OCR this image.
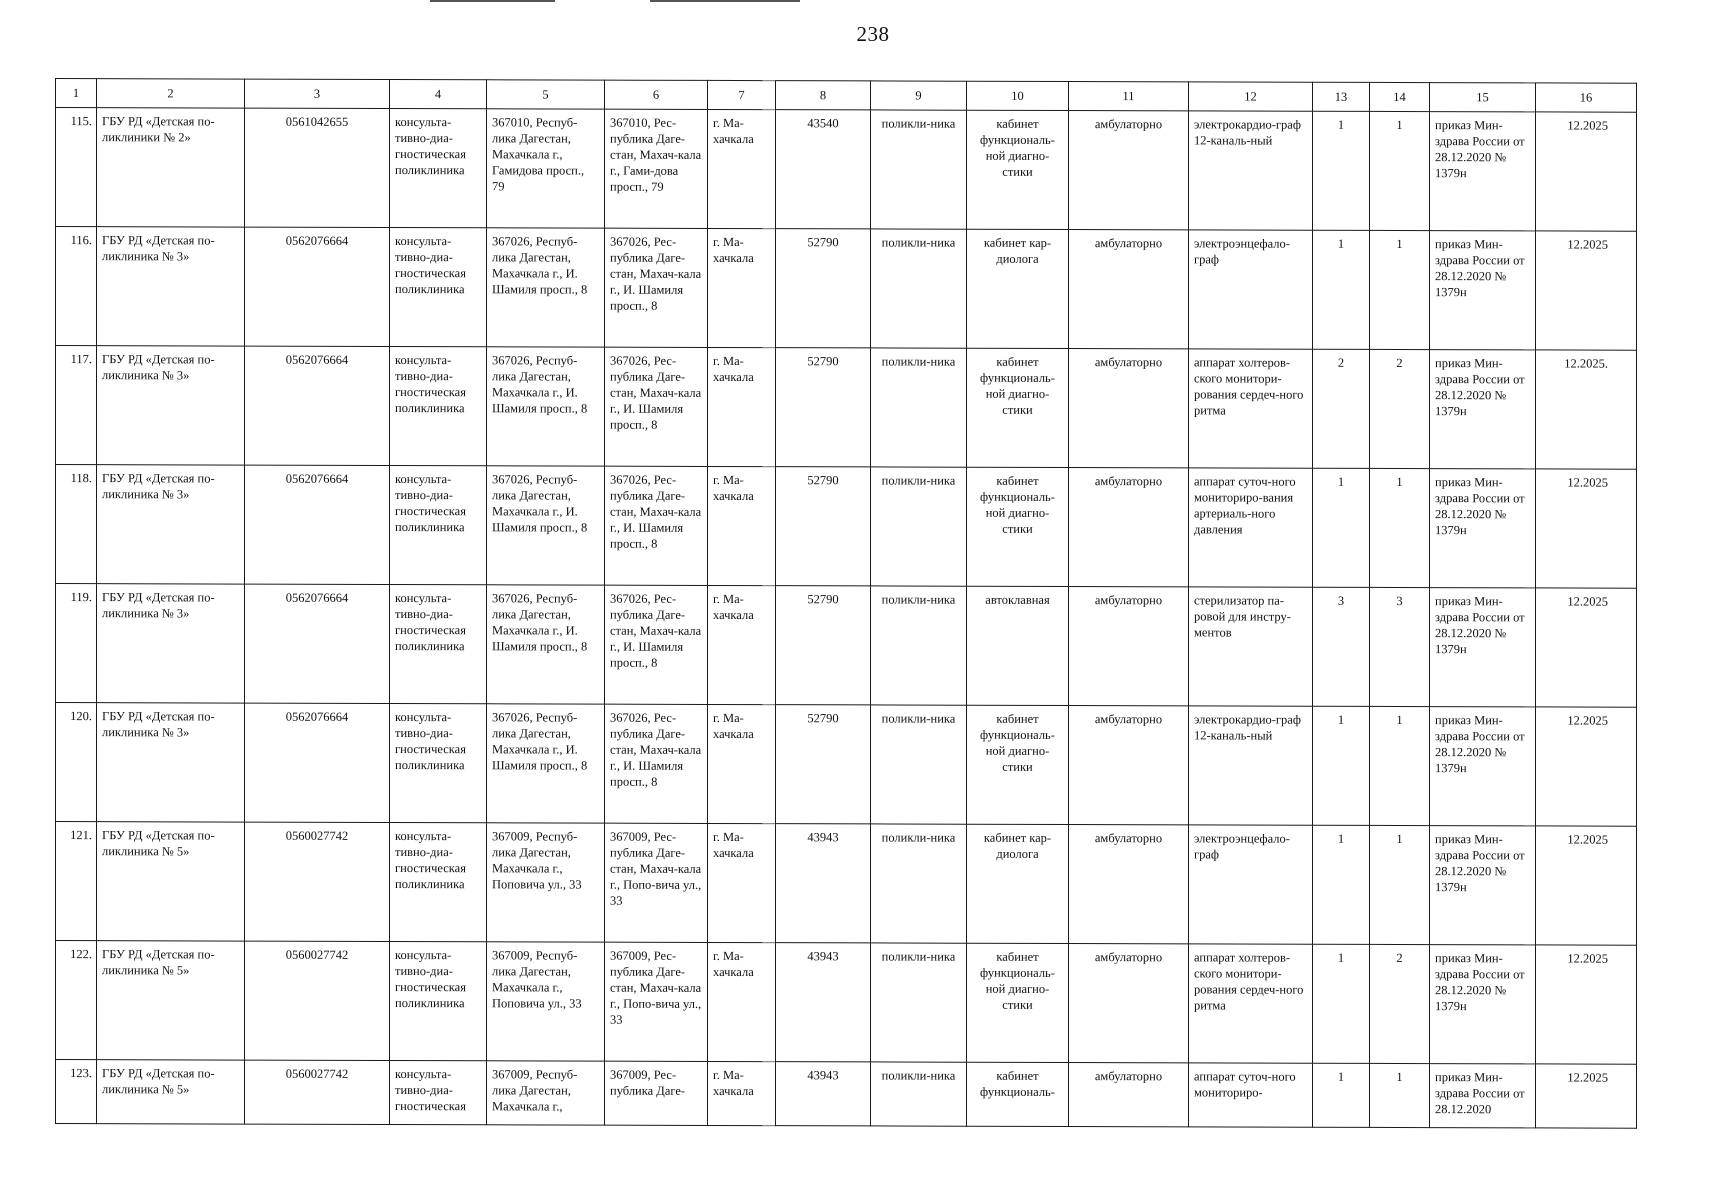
238
1	2	3	4	5	6	7	8	9	10	11	12	13	14	15	16
115.	ГБУ РД «Детская по-ликлиники № 2»	0561042655	консульта-тивно-диа-гностическая поликлиника	367010, Респуб-лика Дагестан, Махачкала г., Гамидова просп., 79	367010, Рес-публика Даге-стан, Махач-кала г., Гами-дова просп., 79	г. Ма-хачкала	43540	поликли-ника	кабинет функциональ-ной диагно-стики	амбулаторно	электрокардио-граф 12-каналь-ный	1	1	приказ Мин-здрава России от 28.12.2020 № 1379н	12.2025
116.	ГБУ РД «Детская по-ликлиника № 3»	0562076664	консульта-тивно-диа-гностическая поликлиника	367026, Респуб-лика Дагестан, Махачкала г., И. Шамиля просп., 8	367026, Рес-публика Даге-стан, Махач-кала г., И. Шамиля просп., 8	г. Ма-хачкала	52790	поликли-ника	кабинет кар-диолога	амбулаторно	электроэнцефало-граф	1	1	приказ Мин-здрава России от 28.12.2020 № 1379н	12.2025
117.	ГБУ РД «Детская по-ликлиника № 3»	0562076664	консульта-тивно-диа-гностическая поликлиника	367026, Респуб-лика Дагестан, Махачкала г., И. Шамиля просп., 8	367026, Рес-публика Даге-стан, Махач-кала г., И. Шамиля просп., 8	г. Ма-хачкала	52790	поликли-ника	кабинет функциональ-ной диагно-стики	амбулаторно	аппарат холтеров-ского монитори-рования сердеч-ного ритма	2	2	приказ Мин-здрава России от 28.12.2020 № 1379н	12.2025.
118.	ГБУ РД «Детская по-ликлиника № 3»	0562076664	консульта-тивно-диа-гностическая поликлиника	367026, Респуб-лика Дагестан, Махачкала г., И. Шамиля просп., 8	367026, Рес-публика Даге-стан, Махач-кала г., И. Шамиля просп., 8	г. Ма-хачкала	52790	поликли-ника	кабинет функциональ-ной диагно-стики	амбулаторно	аппарат суточ-ного мониториро-вания артериаль-ного давления	1	1	приказ Мин-здрава России от 28.12.2020 № 1379н	12.2025
119.	ГБУ РД «Детская по-ликлиника № 3»	0562076664	консульта-тивно-диа-гностическая поликлиника	367026, Респуб-лика Дагестан, Махачкала г., И. Шамиля просп., 8	367026, Рес-публика Даге-стан, Махач-кала г., И. Шамиля просп., 8	г. Ма-хачкала	52790	поликли-ника	автоклавная	амбулаторно	стерилизатор па-ровой для инстру-ментов	3	3	приказ Мин-здрава России от 28.12.2020 № 1379н	12.2025
120.	ГБУ РД «Детская по-ликлиника № 3»	0562076664	консульта-тивно-диа-гностическая поликлиника	367026, Респуб-лика Дагестан, Махачкала г., И. Шамиля просп., 8	367026, Рес-публика Даге-стан, Махач-кала г., И. Шамиля просп., 8	г. Ма-хачкала	52790	поликли-ника	кабинет функциональ-ной диагно-стики	амбулаторно	электрокардио-граф 12-каналь-ный	1	1	приказ Мин-здрава России от 28.12.2020 № 1379н	12.2025
121.	ГБУ РД «Детская по-ликлиника № 5»	0560027742	консульта-тивно-диа-гностическая поликлиника	367009, Респуб-лика Дагестан, Махачкала г., Поповича ул., 33	367009, Рес-публика Даге-стан, Махач-кала г., Попо-вича ул., 33	г. Ма-хачкала	43943	поликли-ника	кабинет кар-диолога	амбулаторно	электроэнцефало-граф	1	1	приказ Мин-здрава России от 28.12.2020 № 1379н	12.2025
122.	ГБУ РД «Детская по-ликлиника № 5»	0560027742	консульта-тивно-диа-гностическая поликлиника	367009, Респуб-лика Дагестан, Махачкала г., Поповича ул., 33	367009, Рес-публика Даге-стан, Махач-кала г., Попо-вича ул., 33	г. Ма-хачкала	43943	поликли-ника	кабинет функциональ-ной диагно-стики	амбулаторно	аппарат холтеров-ского монитори-рования сердеч-ного ритма	1	2	приказ Мин-здрава России от 28.12.2020 № 1379н	12.2025
123.	ГБУ РД «Детская по-ликлиника № 5»	0560027742	консульта-тивно-диа-гностическая	367009, Респуб-лика Дагестан, Махачкала г.,	367009, Рес-публика Даге-	г. Ма-хачкала	43943	поликли-ника	кабинет функциональ-	амбулаторно	аппарат суточ-ного мониториро-	1	1	приказ Мин-здрава России от 28.12.2020	12.2025
